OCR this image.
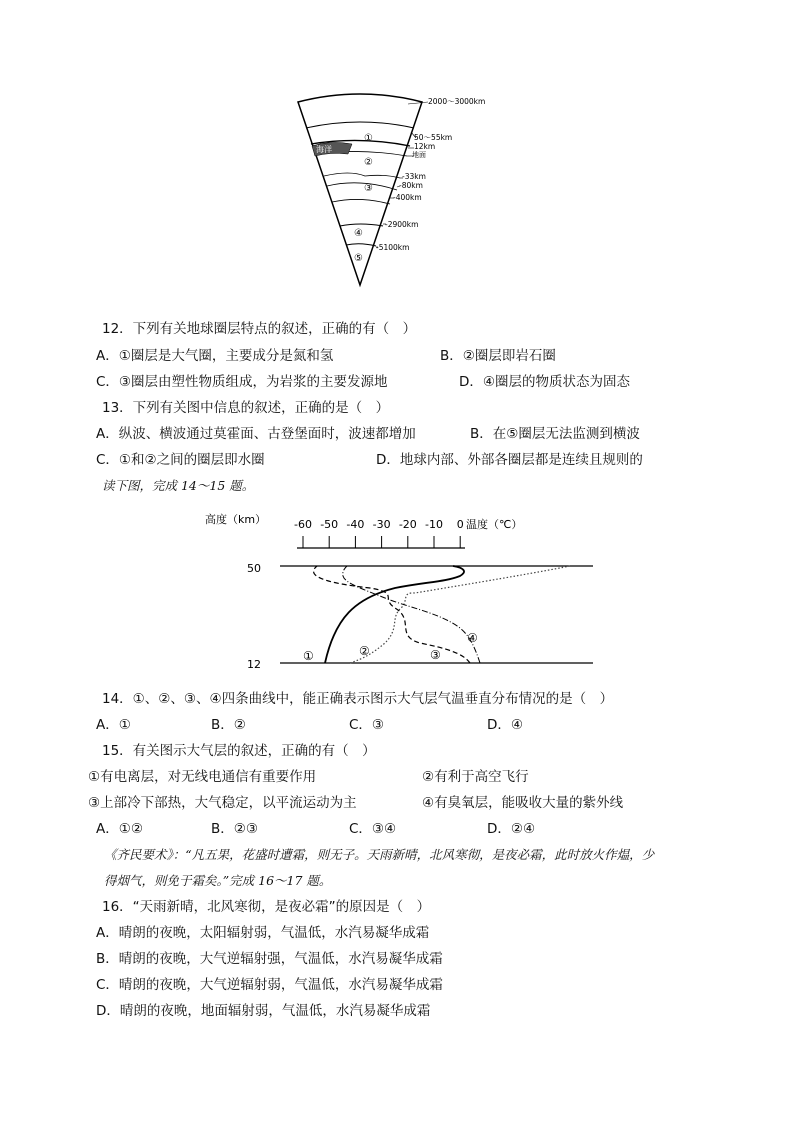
海洋
①
②
③
④
⑤
2000～3000km
50～55km
12km
地面
-33km
-80km
-400km
-2900km
-5100km
12．下列有关地球圈层特点的叙述，正确的有（　）
A．①圈层是大气圈，主要成分是氮和氢	B．②圈层即岩石圈
C．③圈层由塑性物质组成，为岩浆的主要发源地	D．④圈层的物质状态为固态
13．下列有关图中信息的叙述，正确的是（　）
A．纵波、横波通过莫霍面、古登堡面时，波速都增加	B．在⑤圈层无法监测到横波
C．①和②之间的圈层即水圈	D．地球内部、外部各圈层都是连续且规则的
读下图，完成 14～15 题。
高度（km）	温度（℃）
-60 -50 -40 -30 -20 -10 0
50
12
①	②	③
④
14．①、②、③、④四条曲线中，能正确表示图示大气层气温垂直分布情况的是（　）
A．①	B．②	C．③	D．④
15．有关图示大气层的叙述，正确的有（　）
①有电离层，对无线电通信有重要作用	②有利于高空飞行
③上部冷下部热，大气稳定，以平流运动为主	④有臭氧层，能吸收大量的紫外线
A．①②	B．②③	C．③④	D．②④
《齐民要术》：“凡五果，花盛时遭霜，则无子。天雨新晴，北风寒彻，是夜必霜，此时放火作煴，少
得烟气，则免于霜矣。”完成 16～17 题。
16．“天雨新晴，北风寒彻，是夜必霜”的原因是（　）
A．晴朗的夜晚，太阳辐射弱，气温低，水汽易凝华成霜
B．晴朗的夜晚，大气逆辐射强，气温低，水汽易凝华成霜
C．晴朗的夜晚，大气逆辐射弱，气温低，水汽易凝华成霜
D．晴朗的夜晚，地面辐射弱，气温低，水汽易凝华成霜
